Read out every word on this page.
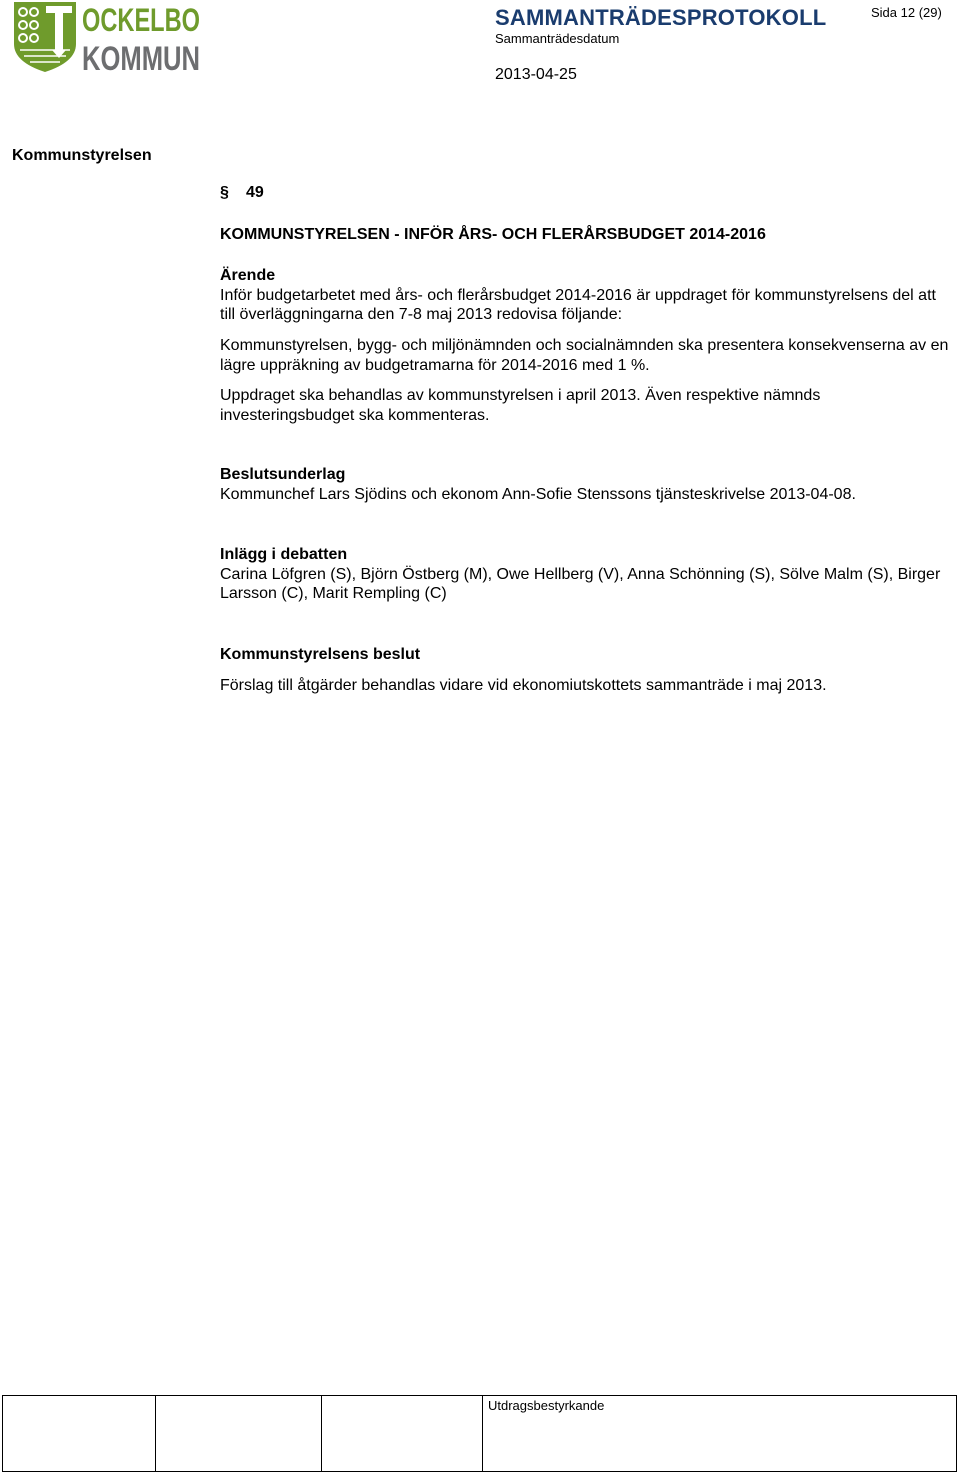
OCKELBO
KOMMUN
SAMMANTRÄDESPROTOKOLL
Sammanträdesdatum
2013-04-25
Sida 12 (29)
Kommunstyrelsen
§ 49
KOMMUNSTYRELSEN - INFÖR ÅRS- OCH FLERÅRSBUDGET 2014-2016

Ärende

Inför budgetarbetet med års- och flerårsbudget 2014-2016 är uppdraget för kommunstyrelsens del att till överläggningarna den 7-8 maj 2013 redovisa följande:

Kommunstyrelsen, bygg- och miljönämnden och socialnämnden ska presentera konsekvenserna av en lägre uppräkning av budgetramarna för 2014-2016 med 1 %.

Uppdraget ska behandlas av kommunstyrelsen i april 2013. Även respektive nämnds investeringsbudget ska kommenteras.

Beslutsunderlag

Kommunchef Lars Sjödins och ekonom Ann-Sofie Stenssons tjänsteskrivelse 2013-04-08.

Inlägg i debatten

Carina Löfgren (S), Björn Östberg (M), Owe Hellberg (V), Anna Schönning (S), Sölve Malm (S), Birger Larsson (C), Marit Rempling (C)

Kommunstyrelsens beslut

Förslag till åtgärder behandlas vidare vid ekonomiutskottets sammanträde i maj 2013.

Utdragsbestyrkande
